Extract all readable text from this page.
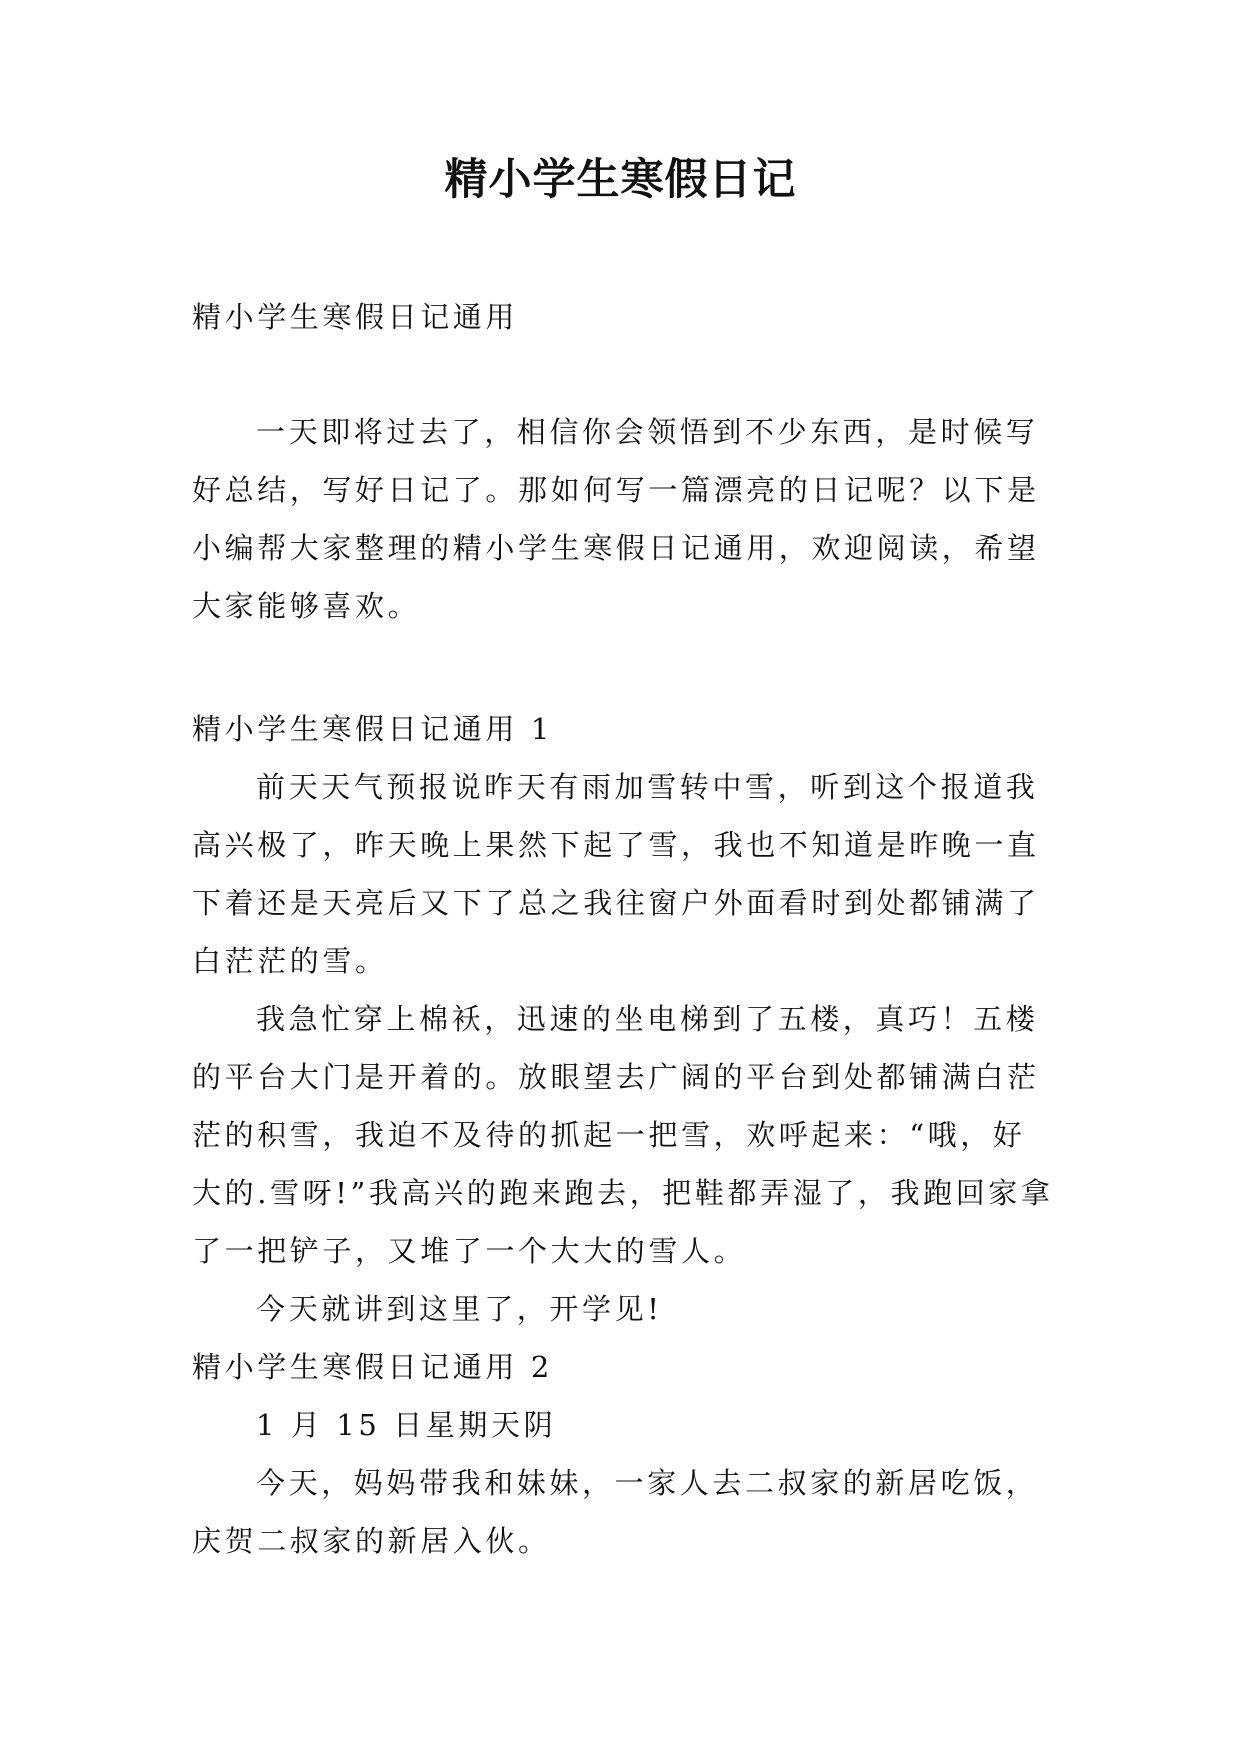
精小学生寒假日记

精小学生寒假日记通用

一天即将过去了，相信你会领悟到不少东西，是时候写好总结，写好日记了。那如何写一篇漂亮的日记呢？以下是小编帮大家整理的精小学生寒假日记通用，欢迎阅读，希望大家能够喜欢。

精小学生寒假日记通用 1

前天天气预报说昨天有雨加雪转中雪，听到这个报道我高兴极了，昨天晚上果然下起了雪，我也不知道是昨晚一直下着还是天亮后又下了总之我往窗户外面看时到处都铺满了白茫茫的雪。

我急忙穿上棉袄，迅速的坐电梯到了五楼，真巧！五楼的平台大门是开着的。放眼望去广阔的平台到处都铺满白茫茫的积雪，我迫不及待的抓起一把雪，欢呼起来：“哦，好大的.雪呀!”我高兴的跑来跑去，把鞋都弄湿了，我跑回家拿了一把铲子，又堆了一个大大的雪人。

今天就讲到这里了，开学见!

精小学生寒假日记通用 2

1 月 15 日星期天阴

今天，妈妈带我和妹妹，一家人去二叔家的新居吃饭，庆贺二叔家的新居入伙。
